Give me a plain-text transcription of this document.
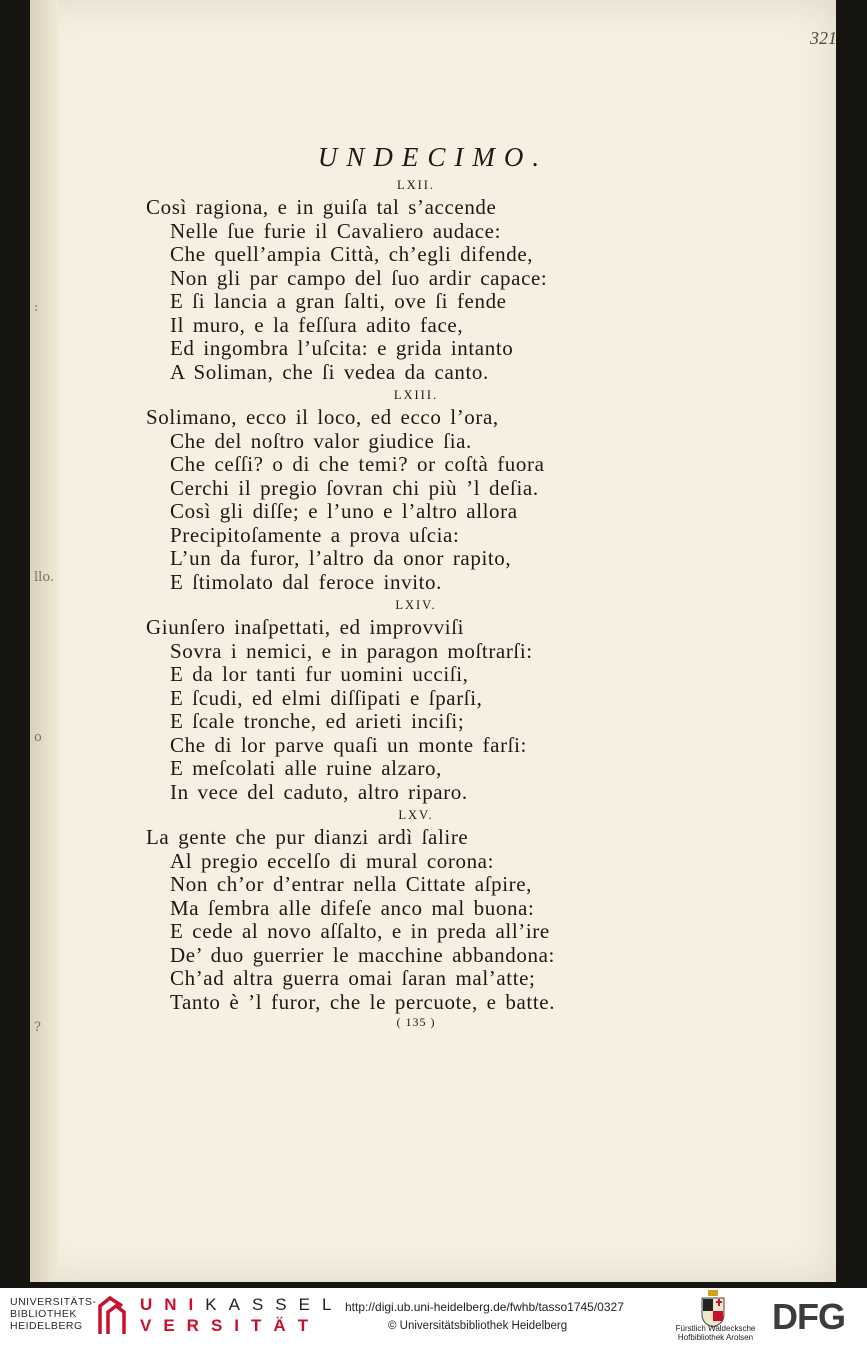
:
llo.
o
?
321
UNDECIMO.
LXII.
Così ragiona, e in guiſa tal s’accende
Nelle ſue furie il Cavaliero audace:
Che quell’ampia Città, ch’egli difende,
Non gli par campo del ſuo ardir capace:
E ſi lancia a gran ſalti, ove ſi fende
Il muro, e la feſſura adito face,
Ed ingombra l’uſcita: e grida intanto
A Soliman, che ſi vedea da canto.
LXIII.
Solimano, ecco il loco, ed ecco l’ora,
Che del noſtro valor giudice ſia.
Che ceſſi? o di che temi? or coſtà fuora
Cerchi il pregio ſovran chi più ’l deſia.
Così gli diſſe; e l’uno e l’altro allora
Precipitoſamente a prova uſcia:
L’un da furor, l’altro da onor rapito,
E ſtimolato dal feroce invito.
LXIV.
Giunſero inaſpettati, ed improvviſi
Sovra i nemici, e in paragon moſtrarſi:
E da lor tanti fur uomini ucciſi,
E ſcudi, ed elmi diſſipati e ſparſi,
E ſcale tronche, ed arieti inciſi;
Che di lor parve quaſi un monte farſi:
E meſcolati alle ruine alzaro,
In vece del caduto, altro riparo.
LXV.
La gente che pur dianzi ardì ſalire
Al pregio eccelſo di mural corona:
Non ch’or d’entrar nella Cittate aſpire,
Ma ſembra alle difeſe anco mal buona:
E cede al novo aſſalto, e in preda all’ire
De’ duo guerrier le macchine abbandona:
Ch’ad altra guerra omai ſaran mal’atte;
Tanto è ’l furor, che le percuote, e batte.
( 135 )
UNIVERSITÄTS-
BIBLIOTHEK
HEIDELBERG
UNIKASSEL
VERSITÄT
http://digi.ub.uni-heidelberg.de/fwhb/tasso1745/0327
© Universitätsbibliothek Heidelberg	Fürstlich Waldecksche
Hofbibliothek Arolsen
DFG
